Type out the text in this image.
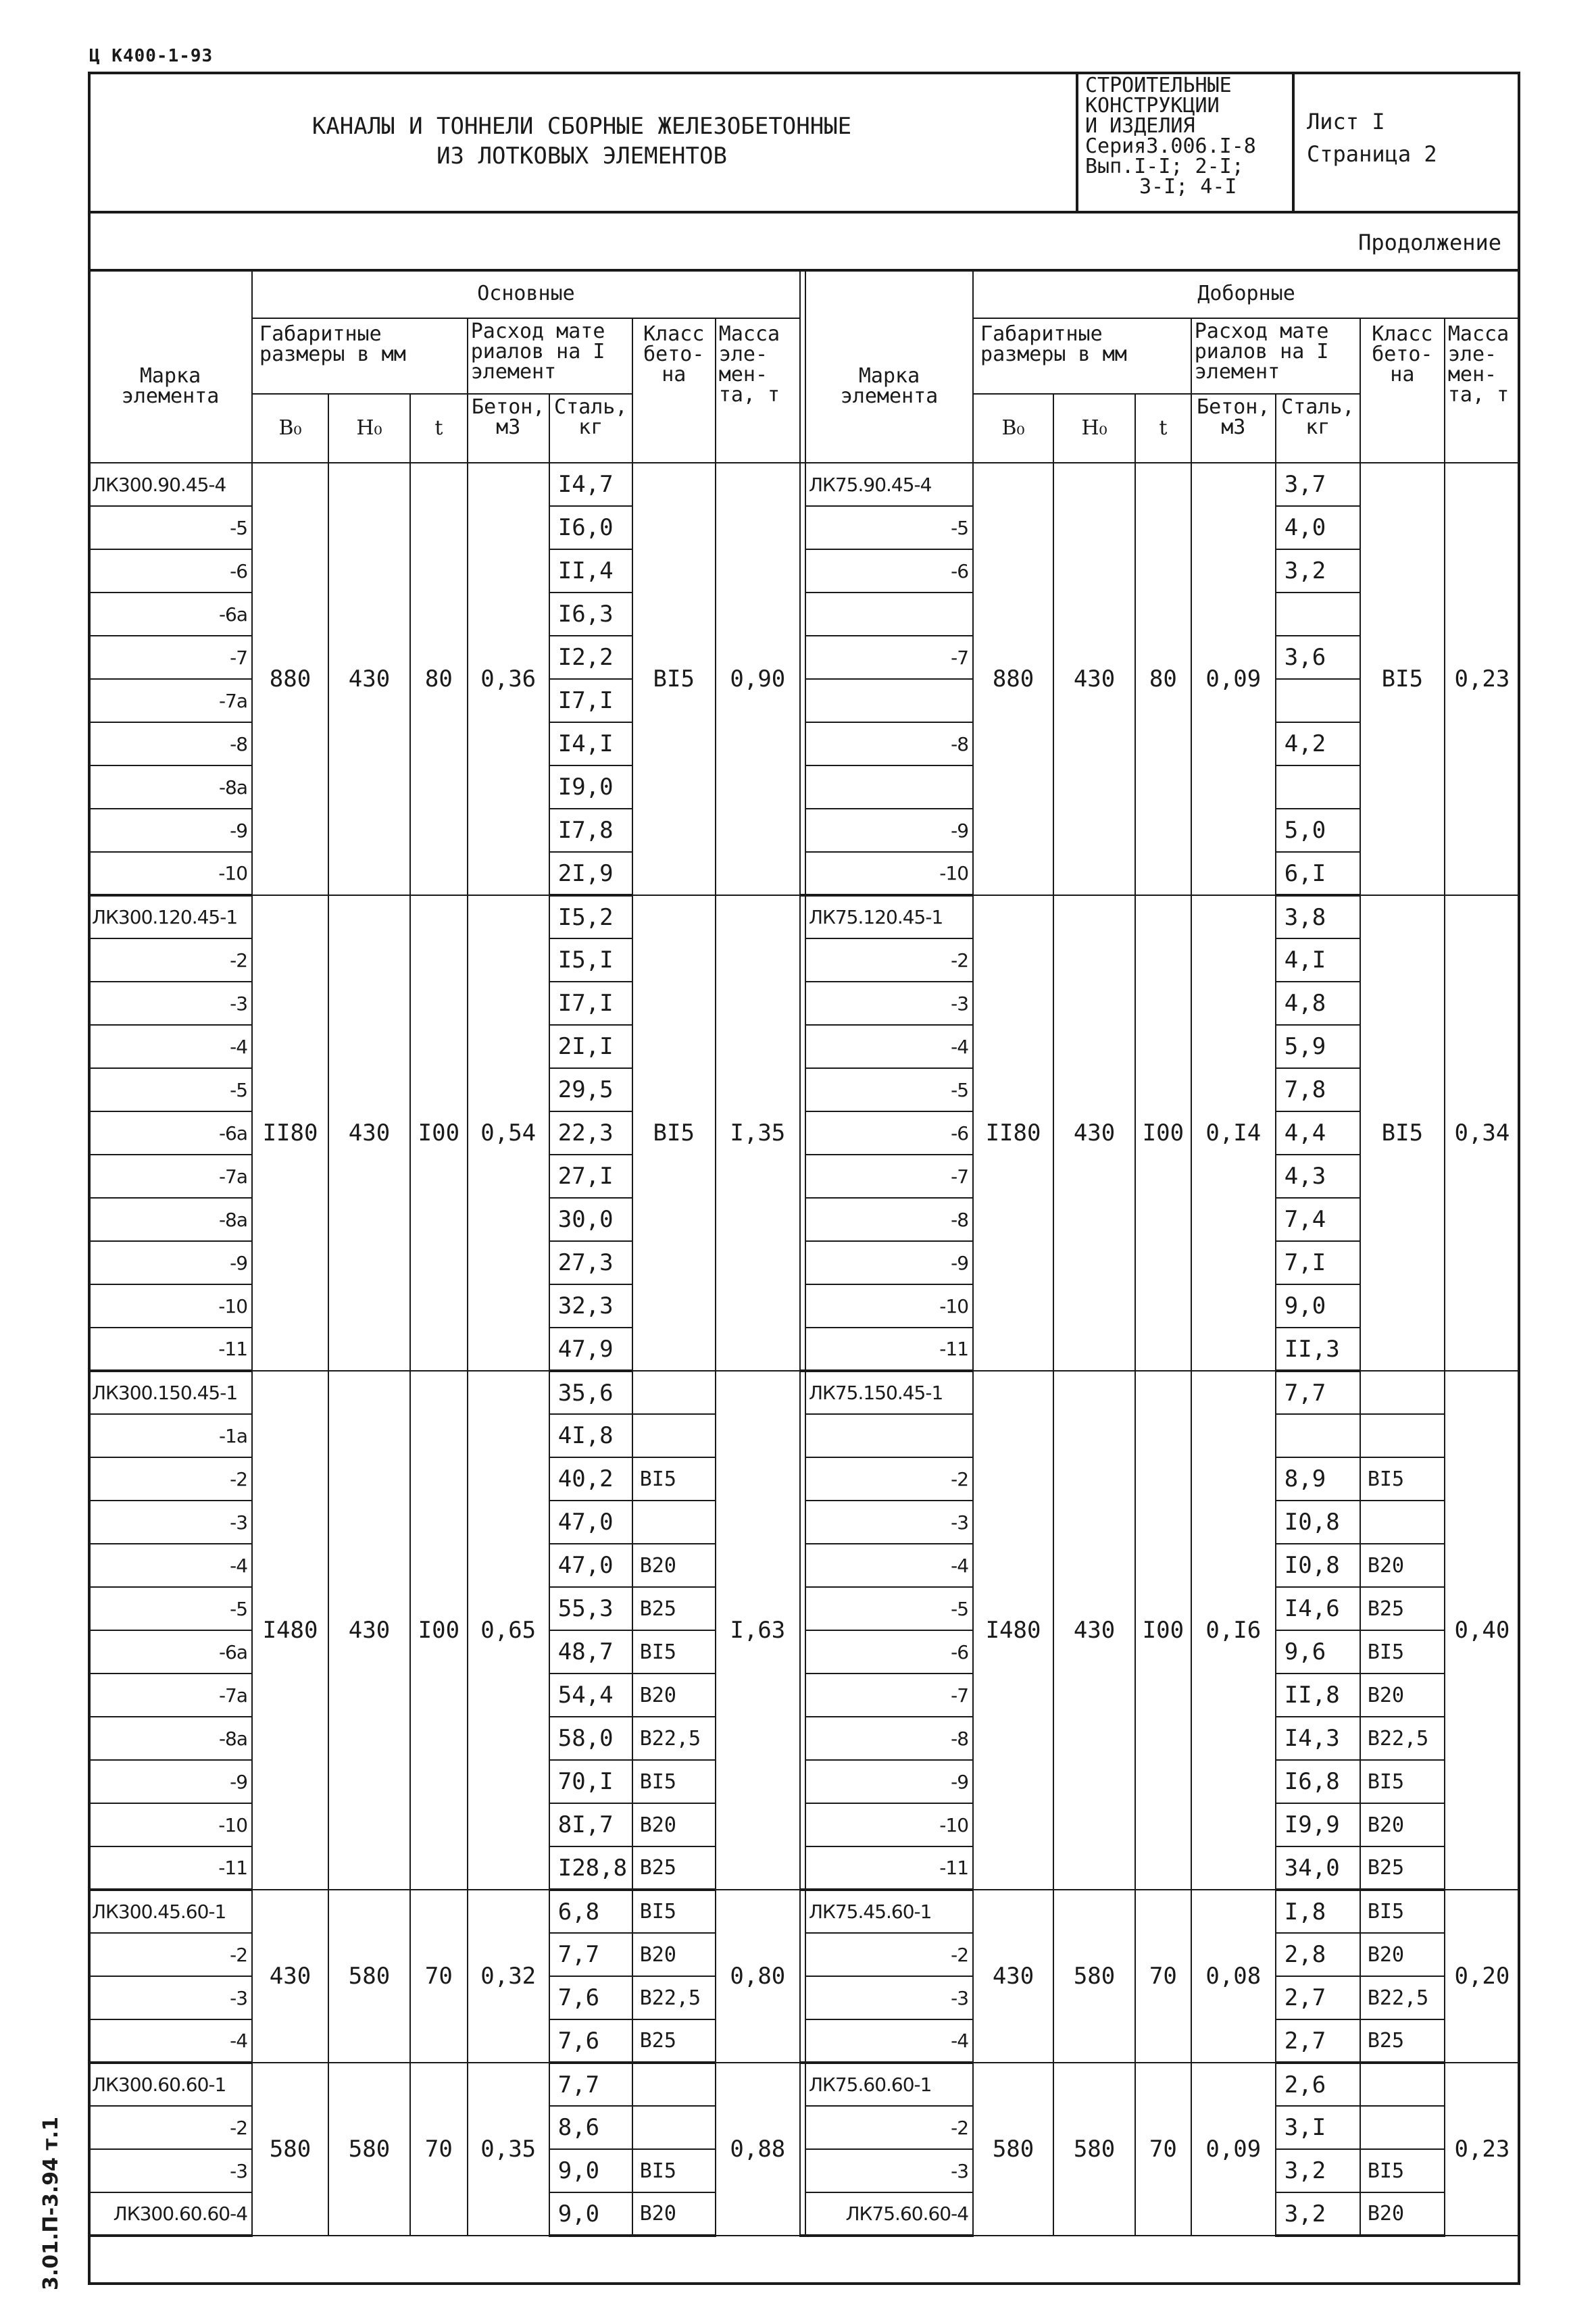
Ц К400-1-93
КАНАЛЫ И ТОННЕЛИ СБОРНЫЕ ЖЕЛЕЗОБЕТОННЫЕ
ИЗ ЛОТКОВЫХ ЭЛЕМЕНТОВ
СТРОИТЕЛЬНЫЕ
КОНСТРУКЦИИ
И ИЗДЕЛИЯ
Серия3.006.I-8
Вып.I-I; 2-I;
3-I; 4-I
Лист I
Страница 2
Продолжение
Марка элемента	Основные								Марка элемента	Доборные						
	Габаритные размеры в мм			Расход мате риалов на I элемент		Класс бето- на	Масса эле- мен- та, т			Габаритные размеры в мм			Расход мате риалов на I элемент		Класс бето- на	Масса эле- мен- та, т
	B₀	H₀	t	Бетон, м3	Сталь, кг					B₀	H₀	t	Бетон, м3	Сталь, кг		
ЛК300.90.45-4	880	430	80	0,36	I4,7	BI5	0,90		ЛК75.90.45-4	880	430	80	0,09	3,7	BI5	0,23
-5					I6,0				-5					4,0		
-6					II,4				-6					3,2		
-6а					I6,3											
-7					I2,2				-7					3,6		
-7а					I7,I											
-8					I4,I				-8					4,2		
-8а					I9,0											
-9					I7,8				-9					5,0		
-10					2I,9				-10					6,I		
ЛК300.120.45-1	II80	430	I00	0,54	I5,2	BI5	I,35		ЛК75.120.45-1	II80	430	I00	0,I4	3,8	BI5	0,34
-2					I5,I				-2					4,I		
-3					I7,I				-3					4,8		
-4					2I,I				-4					5,9		
-5					29,5				-5					7,8		
-6а					22,3				-6					4,4		
-7а					27,I				-7					4,3		
-8а					30,0				-8					7,4		
-9					27,3				-9					7,I		
-10					32,3				-10					9,0		
-11					47,9				-11					II,3		
ЛК300.150.45-1	I480	430	I00	0,65	35,6		I,63		ЛК75.150.45-1	I480	430	I00	0,I6	7,7		0,40
-1а					4I,8											
-2					40,2	BI5			-2					8,9	BI5	
-3					47,0				-3					I0,8		
-4					47,0	B20			-4					I0,8	B20	
-5					55,3	B25			-5					I4,6	B25	
-6а					48,7	BI5			-6					9,6	BI5	
-7а					54,4	B20			-7					II,8	B20	
-8а					58,0	B22,5			-8					I4,3	B22,5	
-9					70,I	BI5			-9					I6,8	BI5	
-10					8I,7	B20			-10					I9,9	B20	
-11					I28,8	B25			-11					34,0	B25	
ЛК300.45.60-1	430	580	70	0,32	6,8	BI5	0,80		ЛК75.45.60-1	430	580	70	0,08	I,8	BI5	0,20
-2					7,7	B20			-2					2,8	B20	
-3					7,6	B22,5			-3					2,7	B22,5	
-4					7,6	B25			-4					2,7	B25	
ЛК300.60.60-1	580	580	70	0,35	7,7		0,88		ЛК75.60.60-1	580	580	70	0,09	2,6		0,23
-2					8,6				-2					3,I		
-3					9,0	BI5			-3					3,2	BI5	
ЛК300.60.60-4					9,0	B20			ЛК75.60.60-4					3,2	B20	
3.01.П-3.94 т.1
